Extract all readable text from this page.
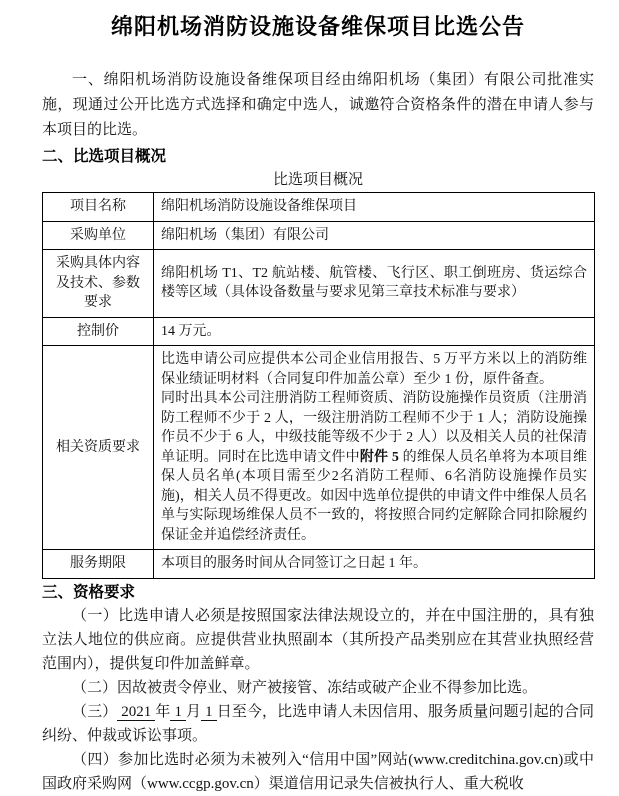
绵阳机场消防设施设备维保项目比选公告

一、绵阳机场消防设施设备维保项目经由绵阳机场（集团）有限公司批准实施，现通过公开比选方式选择和确定中选人，诚邀符合资格条件的潜在申请人参与本项目的比选。

二、比选项目概况

比选项目概况

项目名称	绵阳机场消防设施设备维保项目
采购单位	绵阳机场（集团）有限公司
采购具体内容及技术、参数要求	绵阳机场 T1、T2 航站楼、航管楼、飞行区、职工倒班房、货运综合楼等区域（具体设备数量与要求见第三章技术标准与要求）
控制价	14 万元。
相关资质要求	比选申请公司应提供本公司企业信用报告、5 万平方米以上的消防维保业绩证明材料（合同复印件加盖公章）至少 1 份，原件备查。

同时出具本公司注册消防工程师资质、消防设施操作员资质（注册消防工程师不少于 2 人，一级注册消防工程师不少于 1 人；消防设施操作员不少于 6 人，中级技能等级不少于 2 人）以及相关人员的社保清单证明。同时在比选申请文件中附件 5 的维保人员名单将为本项目维保人员名单(本项目需至少2名消防工程师、6名消防设施操作员实施)，相关人员不得更改。如因中选单位提供的申请文件中维保人员名单与实际现场维保人员不一致的，将按照合同约定解除合同扣除履约保证金并追偿经济责任。

服务期限	本项目的服务时间从合同签订之日起 1 年。
三、资格要求

（一）比选申请人必须是按照国家法律法规设立的，并在中国注册的，具有独立法人地位的供应商。应提供营业执照副本（其所投产品类别应在其营业执照经营范围内），提供复印件加盖鲜章。

（二）因故被责令停业、财产被接管、冻结或破产企业不得参加比选。

（三） 2021 年 1 月 1 日至今，比选申请人未因信用、服务质量问题引起的合同纠纷、仲裁或诉讼事项。

（四）参加比选时必须为未被列入“信用中国”网站(www.creditchina.gov.cn)或中国政府采购网（www.ccgp.gov.cn）渠道信用记录失信被执行人、重大税收
